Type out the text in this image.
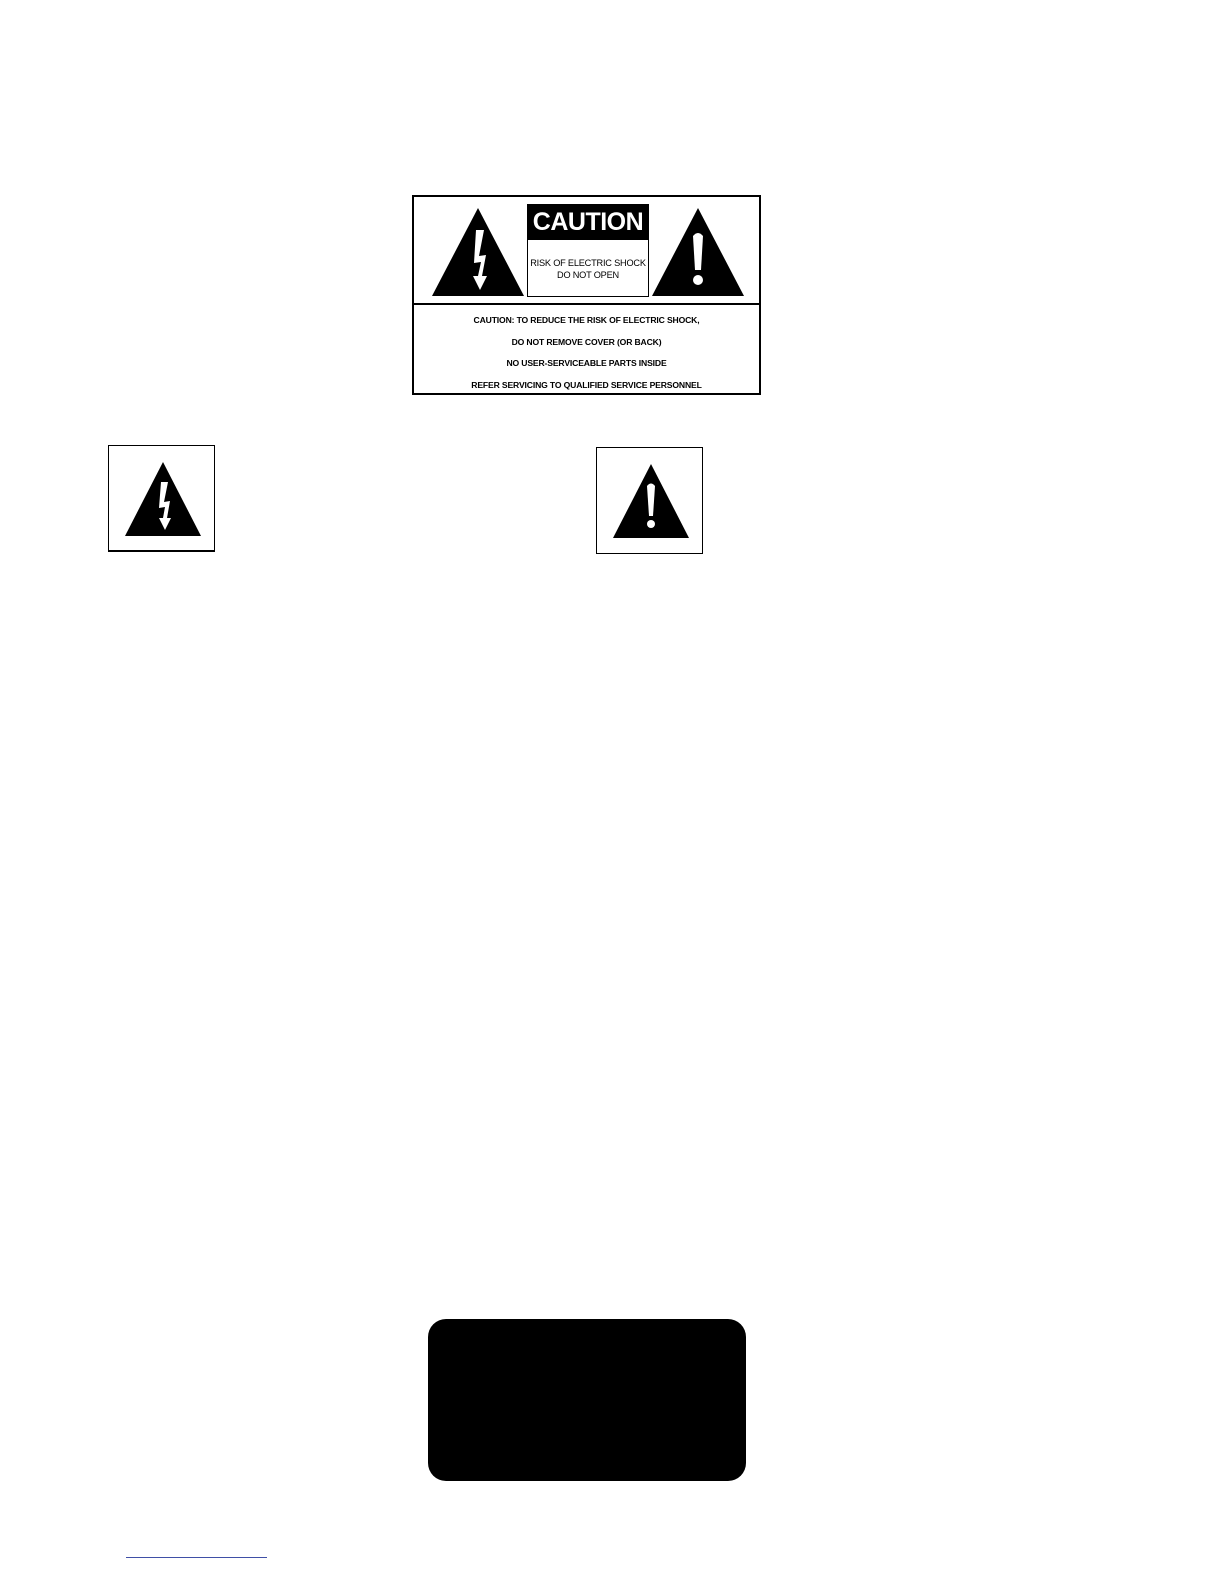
CAUTION
RISK OF ELECTRIC SHOCK
DO NOT OPEN
CAUTION: TO REDUCE THE RISK OF ELECTRIC SHOCK,
DO NOT REMOVE COVER (OR BACK)
NO USER-SERVICEABLE PARTS INSIDE
REFER SERVICING TO QUALIFIED SERVICE PERSONNEL
